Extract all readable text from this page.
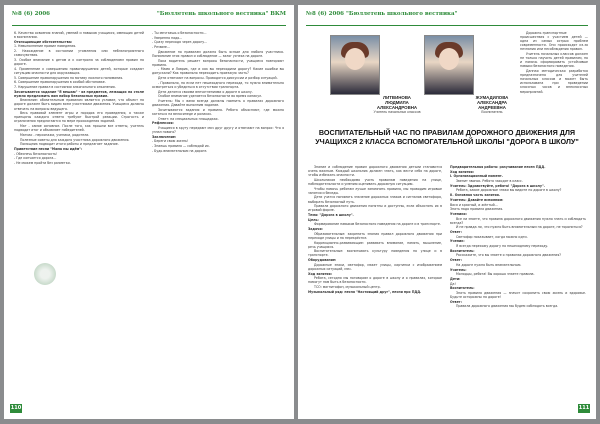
№8 (6) 2006	"Бюллетень школьного вестника" ВКМ

6. Качество освоения знаний, умений и навыков учащихся, имеющих детей в воспитании.

Отягощающие обстоятельства:

1. Невыполнение правил поведения.

2. Нахождение в состоянии утомления или неблагоприятного самочувствия.

3. Особое внимание к детям и к контролю за соблюдением правил на дороге.

4. Применение к совершению правонарушения детей, которые создают ситуацию опасности для окружающих.

5. Совершение правонарушения по мотиву ложного понимания.

6. Совершение правонарушения в особой обстановке.

7. Нарушение правил в состоянии алкогольного опьянения.

Зачитывается задание "Я вешаю" - из предметов, лежащих на столе нужно предложить вам набор безопасных правил.

Внимание: обязательным правилом является условие, что объект на дороге должен быть видим всем участникам движения. Учащиеся должны отвечать на вопросы ведущего.

Весь правовой элемент игры и порядок его проведения, а также принципы каждого ответа требуют быстрой реакции. Строгость и ограничения предлагаются по мере прохождения заданий.

Мат - самое основное. После того, как прошли все ответы, учитель подводит итог и объявляет победителей.

Матиас - персонажи, ученики, родители.

Полезные советы для каждого участника дорожного движения.

Помощник подводит итоги работы и предлагает задание.

Приветствие песни "Мама мы идём":

- Обеспечь безопасность!

- Где кончается дорога...

- Не можем пройти без разметки.

- Ты мечтаешь о безопасности...

- Уверенно надо...

- Сразу переходя через дорогу...

- Резюме...

Движение по правилам должно быть ясным для любого участника. Понимание этих правил и соблюдение — залог успеха на дороге.

Пока водитель решает вопросы безопасности, учащиеся повторяют правила.

- Мама и Лаврик, где и как вы переходили дорогу? Какие ошибки вы допускали? Как правильно переходить проезжую часть?

Дети отвечают на вопросы. Проводятся дискуссии и разбор ситуаций.

- Правильно, но если нет пешеходного перехода, то нужно внимательно осмотреться и убедиться в отсутствии транспорта.

Дети делятся своими впечатлениями о дороге в школу.

Особое внимание уделяется безопасности во время каникул.

Учитель: Мы с вами всегда должны помнить о правилах дорожного движения. Давайте выполним задание.

Зачитываются задания и правила. Ребята объясняют, где можно кататься на велосипеде и роликах.

Ответ: на специальных площадках.

Рефлексия:

Учащиеся в кругу передают мяч друг другу и отвечают на вопрос: Что я узнал нового?

Заключение:

- Береги свою жизнь!

- Знаешь правила — соблюдай их.

- Будь внимательным на дороге.

110
№8 (6) 2006 "Бюллетень школьного вестника"
ЛИТВИНОВА ЛЮДМИЛА АЛЕКСАНДРОВНА
Учитель начальных классов
ЖУМАДИЛОВА АЛЕКСАНДРА АНДРЕЕВНА
Воспитатель

Дорожно-транспортные происшествия с участием детей — одна из самых острых проблем современности. Они происходят из-за незнания или несоблюдения правил.

Учитель начальных классов должен не только научить детей правилам, но и помочь сформировать устойчивые навыки безопасного поведения.

Данная методическая разработка предназначена для учителей начальных классов и может быть использована при проведении классных часов и внеклассных мероприятий.

ВОСПИТАТЕЛЬНЫЙ ЧАС ПО ПРАВИЛАМ ДОРОЖНОГО ДВИЖЕНИЯ ДЛЯ УЧАЩИХСЯ 2 КЛАССА ВСПОМОГАТЕЛЬНОЙ ШКОЛЫ "ДОРОГА В ШКОЛУ"

Знание и соблюдение правил дорожного движения детьми становится очень важным. Каждый школьник должен знать, как вести себя на дороге, чтобы избежать опасности.

Школьников необходимо учить правилам поведения на улице, наблюдательности и умению оценивать дорожную ситуацию.

Чтобы помочь ребятам лучше запомнить правила, мы проводим игровые занятия и беседы.

Дети учатся понимать значение дорожных знаков и сигналов светофора, выбирать безопасный путь.

Правила дорожного движения понятны и доступны, если объяснять их в игровой форме.

Тема: "Дорога в школу".

Цель:

Формирование навыков безопасного поведения на дороге и в транспорте.

Задачи:

Образовательные: закрепить знания правил дорожного движения при переходе улицы и на перекрёстке.

Коррекционно-развивающие: развивать внимание, память, мышление, речь учащихся.

Воспитательные: воспитывать культуру поведения на улице и в транспорте.

Оборудование:

Дорожные знаки, светофор, макет улицы, картинки с изображением дорожных ситуаций, мяч.

Ход занятия:

Ребята, сегодня мы поговорим о дороге в школу и о правилах, которые помогут нам быть в безопасности.

ТСО: магнитофон, музыкальный центр.

Музыкальный ряд: песня "Настоящий друг", песни про ПДД.

Предварительная работа: разучивание песен ПДД.

Ход занятия:

I. Организационный момент.

Звенит звонок. Ребята заходят в класс.

Учитель: Здравствуйте, ребята! "Дорога в школу".

Ребята, какие дорожные знаки вы видите по дороге в школу?

II. Основная часть занятия.

Учитель: Давайте вспомним:

Вася и красный, и жёлтый...

Знать надо правила движения.

Ученики:

Все ли знаете, что правила дорожного движения нужно знать и соблюдать всегда?

И не правда ли, что нужно быть внимательным на дороге, не торопиться?

Ответ:

Светофор показывает, когда можно идти.

Ученик:

Я всегда перехожу дорогу по пешеходному переходу.

Воспитатель:

Расскажите, что вы знаете о правилах дорожного движения?

Ответ:

На дороге нужно быть внимательным.

Учитель:

Молодцы, ребята! Вы хорошо знаете правила.

Дети:

Да!

Воспитатель:

Знать правила движения — значит сохранить свою жизнь и здоровье. Будьте осторожны на дороге!

Ответ:

Правила дорожного движения мы будем соблюдать всегда.

111
